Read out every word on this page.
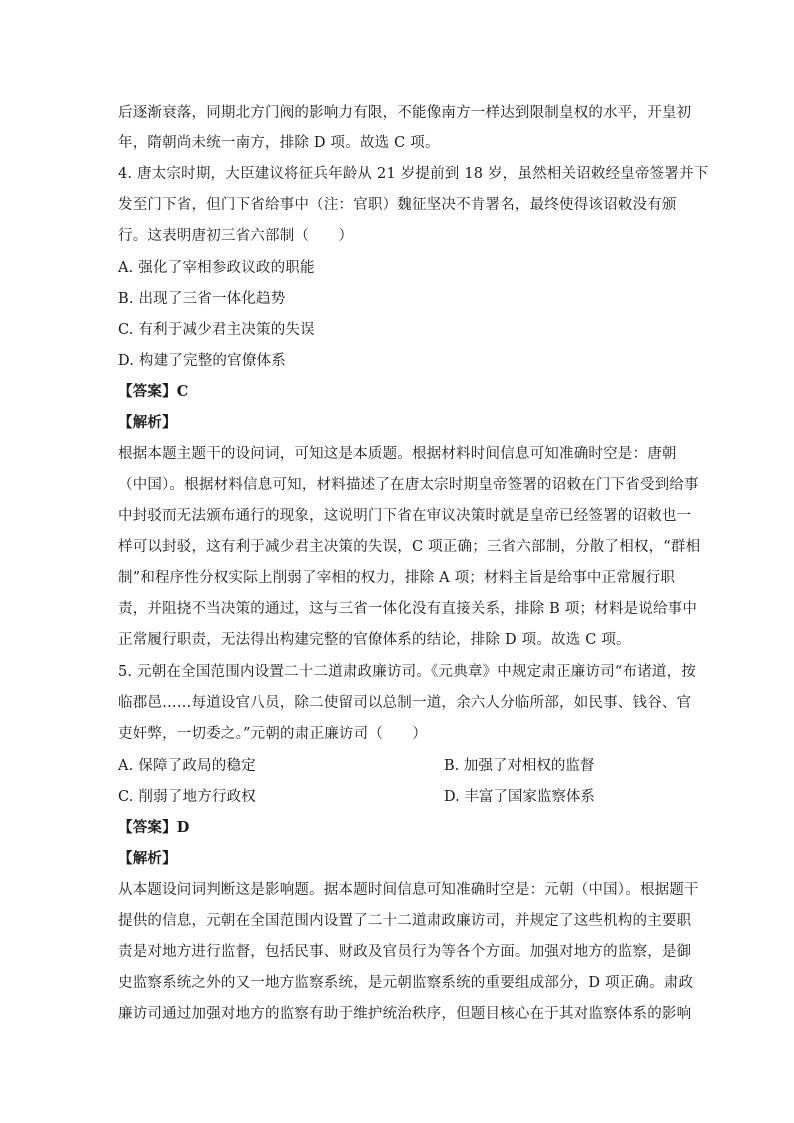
后逐渐衰落，同期北方门阀的影响力有限，不能像南方一样达到限制皇权的水平，开皇初
年，隋朝尚未统一南方，排除 D 项。故选 C 项。
4. 唐太宗时期，大臣建议将征兵年龄从 21 岁提前到 18 岁，虽然相关诏敕经皇帝签署并下
发至门下省，但门下省给事中（注：官职）魏征坚决不肯署名，最终使得该诏敕没有颁
行。这表明唐初三省六部制（　　）
A. 强化了宰相参政议政的职能
B. 出现了三省一体化趋势
C. 有利于减少君主决策的失误
D. 构建了完整的官僚体系
【答案】C
【解析】
根据本题主题干的设问词，可知这是本质题。根据材料时间信息可知准确时空是：唐朝
（中国）。根据材料信息可知，材料描述了在唐太宗时期皇帝签署的诏敕在门下省受到给事
中封驳而无法颁布通行的现象，这说明门下省在审议决策时就是皇帝已经签署的诏敕也一
样可以封驳，这有利于减少君主决策的失误，C 项正确；三省六部制，分散了相权，“群相
制”和程序性分权实际上削弱了宰相的权力，排除 A 项；材料主旨是给事中正常履行职
责，并阻挠不当决策的通过，这与三省一体化没有直接关系，排除 B 项；材料是说给事中
正常履行职责，无法得出构建完整的官僚体系的结论，排除 D 项。故选 C 项。
5. 元朝在全国范围内设置二十二道肃政廉访司。《元典章》中规定肃正廉访司“布诸道，按
临郡邑……每道设官八员，除二使留司以总制一道，余六人分临所部，如民事、钱谷、官
吏奸弊，一切委之。”元朝的肃正廉访司（　　）
A. 保障了政局的稳定	B. 加强了对相权的监督
C. 削弱了地方行政权	D. 丰富了国家监察体系
【答案】D
【解析】
从本题设问词判断这是影响题。据本题时间信息可知准确时空是：元朝（中国）。根据题干
提供的信息，元朝在全国范围内设置了二十二道肃政廉访司，并规定了这些机构的主要职
责是对地方进行监督，包括民事、财政及官员行为等各个方面。加强对地方的监察，是御
史监察系统之外的又一地方监察系统，是元朝监察系统的重要组成部分，D 项正确。肃政
廉访司通过加强对地方的监察有助于维护统治秩序，但题目核心在于其对监察体系的影响
